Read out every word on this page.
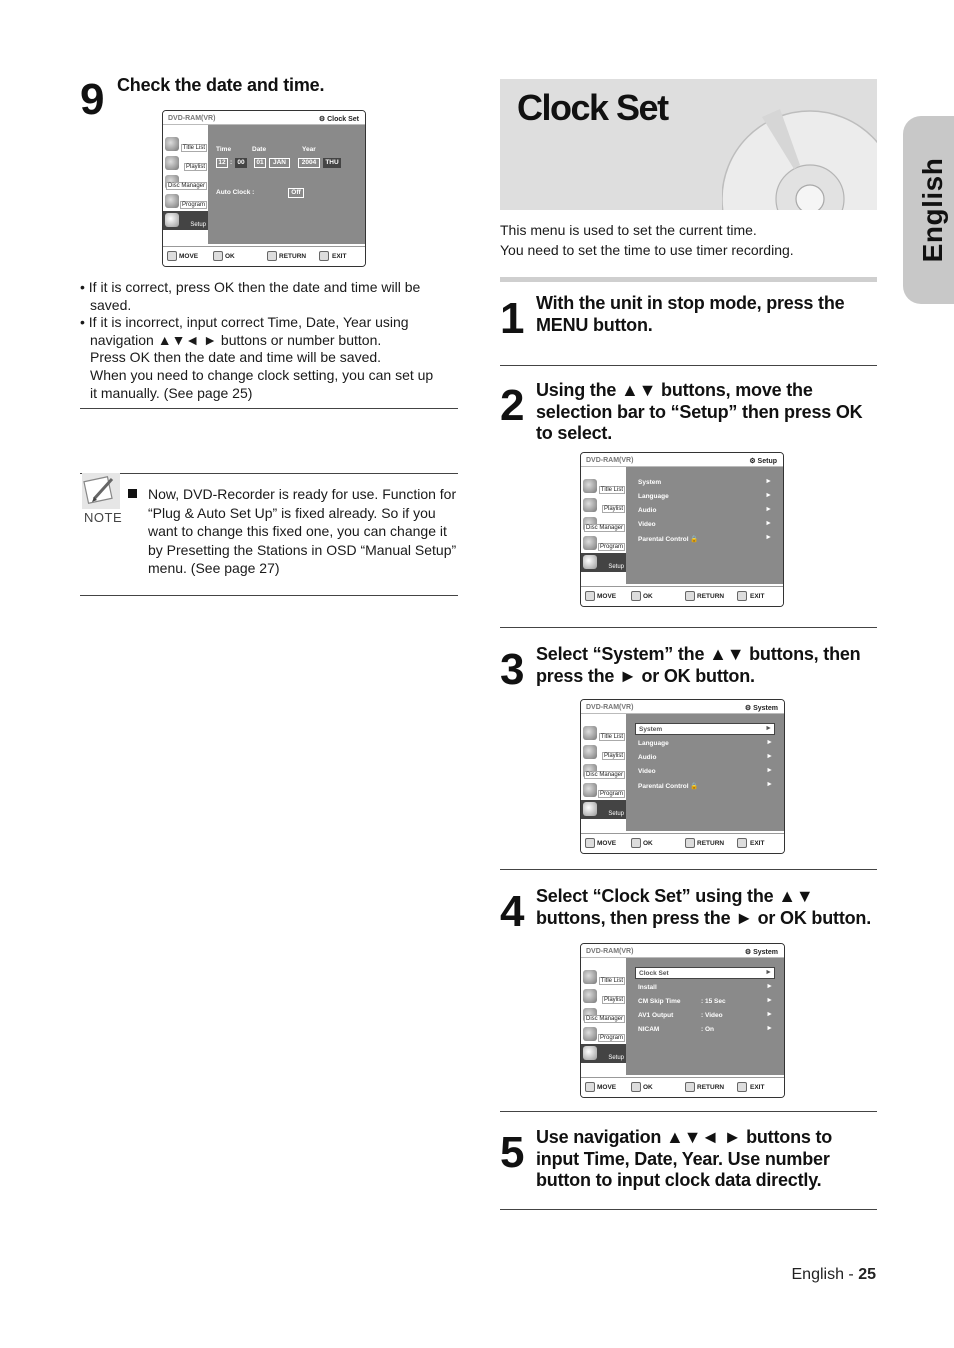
9 Check the date and time.
DVD-RAM(VR)	⚙ Clock Set
Title List
Playlist
Disc Manager
Program
Setup
Time	Date	Year
12 : 00	01	JAN	2004	THU
Auto Clock :	Off
MOVE	OK	RETURN	EXIT
• If it is correct, press OK then the date and time will be
saved.
• If it is incorrect, input correct Time, Date, Year using
navigation ▲▼◄ ► buttons or number button.
Press OK then the date and time will be saved.
When you need to change clock setting, you can set up
it manually. (See page 25)
NOTE
Now, DVD-Recorder is ready for use. Function for
“Plug & Auto Set Up” is fixed already. So if you
want to change this fixed one, you can change it
by Presetting the Stations in OSD “Manual Setup”
menu. (See page 27)
Clock Set
This menu is used to set the current time.
You need to set the time to use timer recording.	English
1 With the unit in stop mode, press the
MENU button.
2 Using the ▲▼ buttons, move the
selection bar to “Setup” then press OK
to select.
DVD-RAM(VR)	⚙ Setup
Title List
Playlist
Disc Manager
Program
Setup
System	►
Language	►
Audio	►
Video	►
Parental Control 🔒	►
MOVE	OK	RETURN	EXIT
3 Select “System” the ▲▼ buttons, then
press the ► or OK button.
DVD-RAM(VR)	⚙ System
Title List
Playlist
Disc Manager
Program
Setup
System	►
Language	►
Audio	►
Video	►
Parental Control 🔒	►
MOVE	OK	RETURN	EXIT
4 Select “Clock Set” using the ▲▼
buttons, then press the ► or OK button.
DVD-RAM(VR)	⚙ System
Title List
Playlist
Disc Manager
Program
Setup
Clock Set	►
Install	►
CM Skip Time	: 15 Sec	►
AV1 Output	: Video	►
NICAM	: On	►
MOVE	OK	RETURN	EXIT
5 Use navigation ▲▼◄ ► buttons to
input Time, Date, Year. Use number
button to input clock data directly.
English - 25
